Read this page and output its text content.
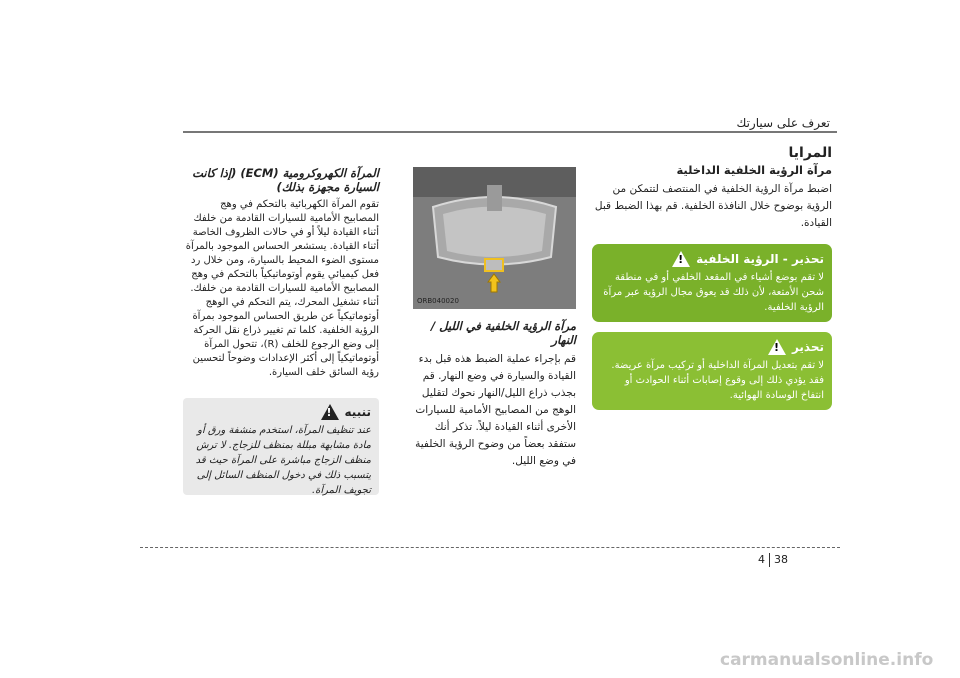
تعرف على سيارتك
المرايا

مرآة الرؤية الخلفية الداخلية

اضبط مرآة الرؤية الخلفية في المنتصف لتتمكن من الرؤية بوضوح خلال النافذة الخلفية. قم بهذا الضبط قبل القيادة.

! تحذير - الرؤية الخلفية
لا تقم بوضع أشياء في المقعد الخلفي أو في منطقة شحن الأمتعة، لأن ذلك قد يعوق مجال الرؤية عبر مرآة الرؤية الخلفية.
! تحذير
لا تقم بتعديل المرآة الداخلية أو تركيب مرآة عريضة. فقد يؤدي ذلك إلى وقوع إصابات أثناء الحوادث أو انتفاخ الوسادة الهوائية.
ORB040020

مرآة الرؤية الخلفية في الليل / النهار

قم بإجراء عملية الضبط هذه قبل بدء القيادة والسيارة في وضع النهار. قم بجذب ذراع الليل/النهار نحوك لتقليل الوهج من المصابيح الأمامية للسيارات الأخرى أثناء القيادة ليلاً. تذكر أنك ستفقد بعضاً من وضوح الرؤية الخلفية في وضع الليل.

المرآة الكهروكرومية (ECM) (إذا كانت السيارة مجهزة بذلك)

تقوم المرآة الكهربائية بالتحكم في وهج المصابيح الأمامية للسيارات القادمة من خلفك أثناء القيادة ليلاً أو في حالات الظروف الخاصة أثناء القيادة. يستشعر الحساس الموجود بالمرآة مستوى الضوء المحيط بالسيارة، ومن خلال رد فعل كيميائي يقوم أوتوماتيكياً بالتحكم في وهج المصابيح الأمامية للسيارات القادمة من خلفك. أثناء تشغيل المحرك، يتم التحكم في الوهج أوتوماتيكياً عن طريق الحساس الموجود بمرآة الرؤية الخلفية. كلما تم تغيير ذراع نقل الحركة إلى وضع الرجوع للخلف (R)، تتحول المرآة أوتوماتيكياً إلى أكثر الإعدادات وضوحاً لتحسين رؤية السائق خلف السيارة.

! تنبيه
عند تنظيف المرآة، استخدم منشفة ورق أو مادة مشابهة مبللة بمنظف للزجاج. لا ترش منظف الزجاج مباشرة على المرآة حيث قد يتسبب ذلك في دخول المنظف السائل إلى تجويف المرآة.
4 38
carmanualsonline.info
